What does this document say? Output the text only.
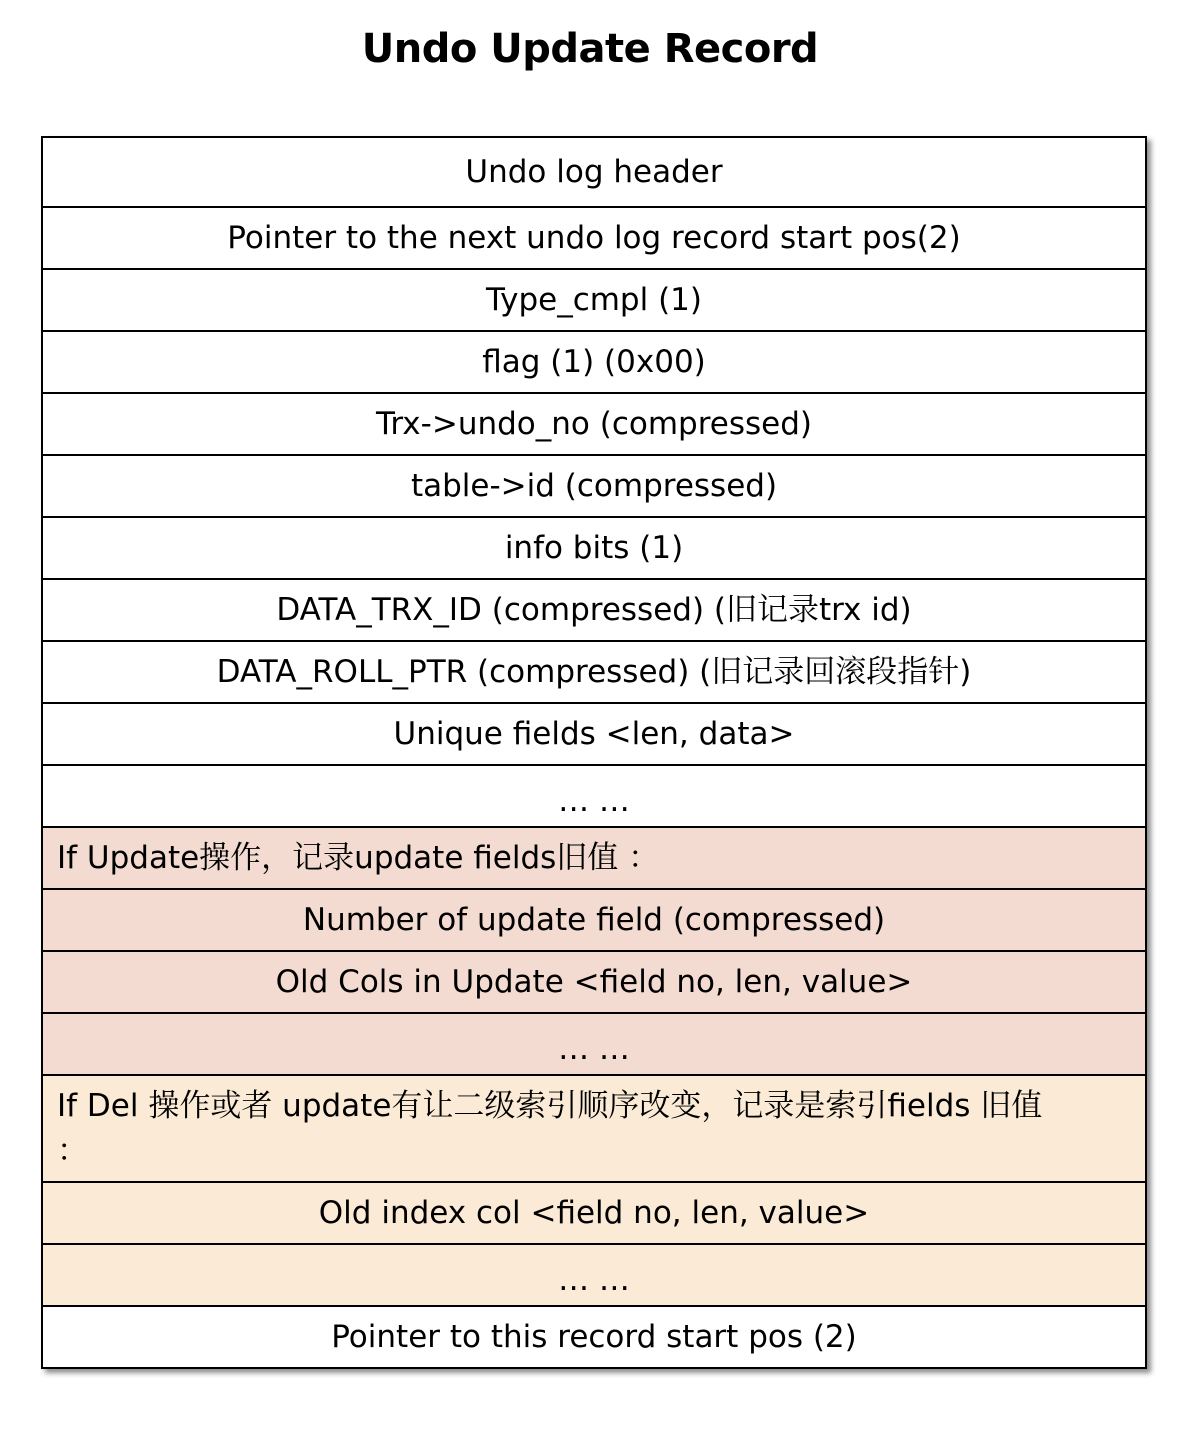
Undo Update Record
Undo log header
Pointer to the next undo log record start pos(2)
Type_cmpl (1)
flag (1) (0x00)
Trx->undo_no (compressed)
table->id (compressed)
info bits (1)
DATA_TRX_ID (compressed) (旧记录trx id)
DATA_ROLL_PTR (compressed) (旧记录回滚段指针)
Unique fields <len, data>
… …
If Update操作，记录update fields旧值 ：
Number of update field (compressed)
Old Cols in Update <field no, len, value>
… …
If Del 操作或者 update有让二级索引顺序改变，记录是索引fields 旧值 ：
Old index col <field no, len, value>
… …
Pointer to this record start pos (2)
